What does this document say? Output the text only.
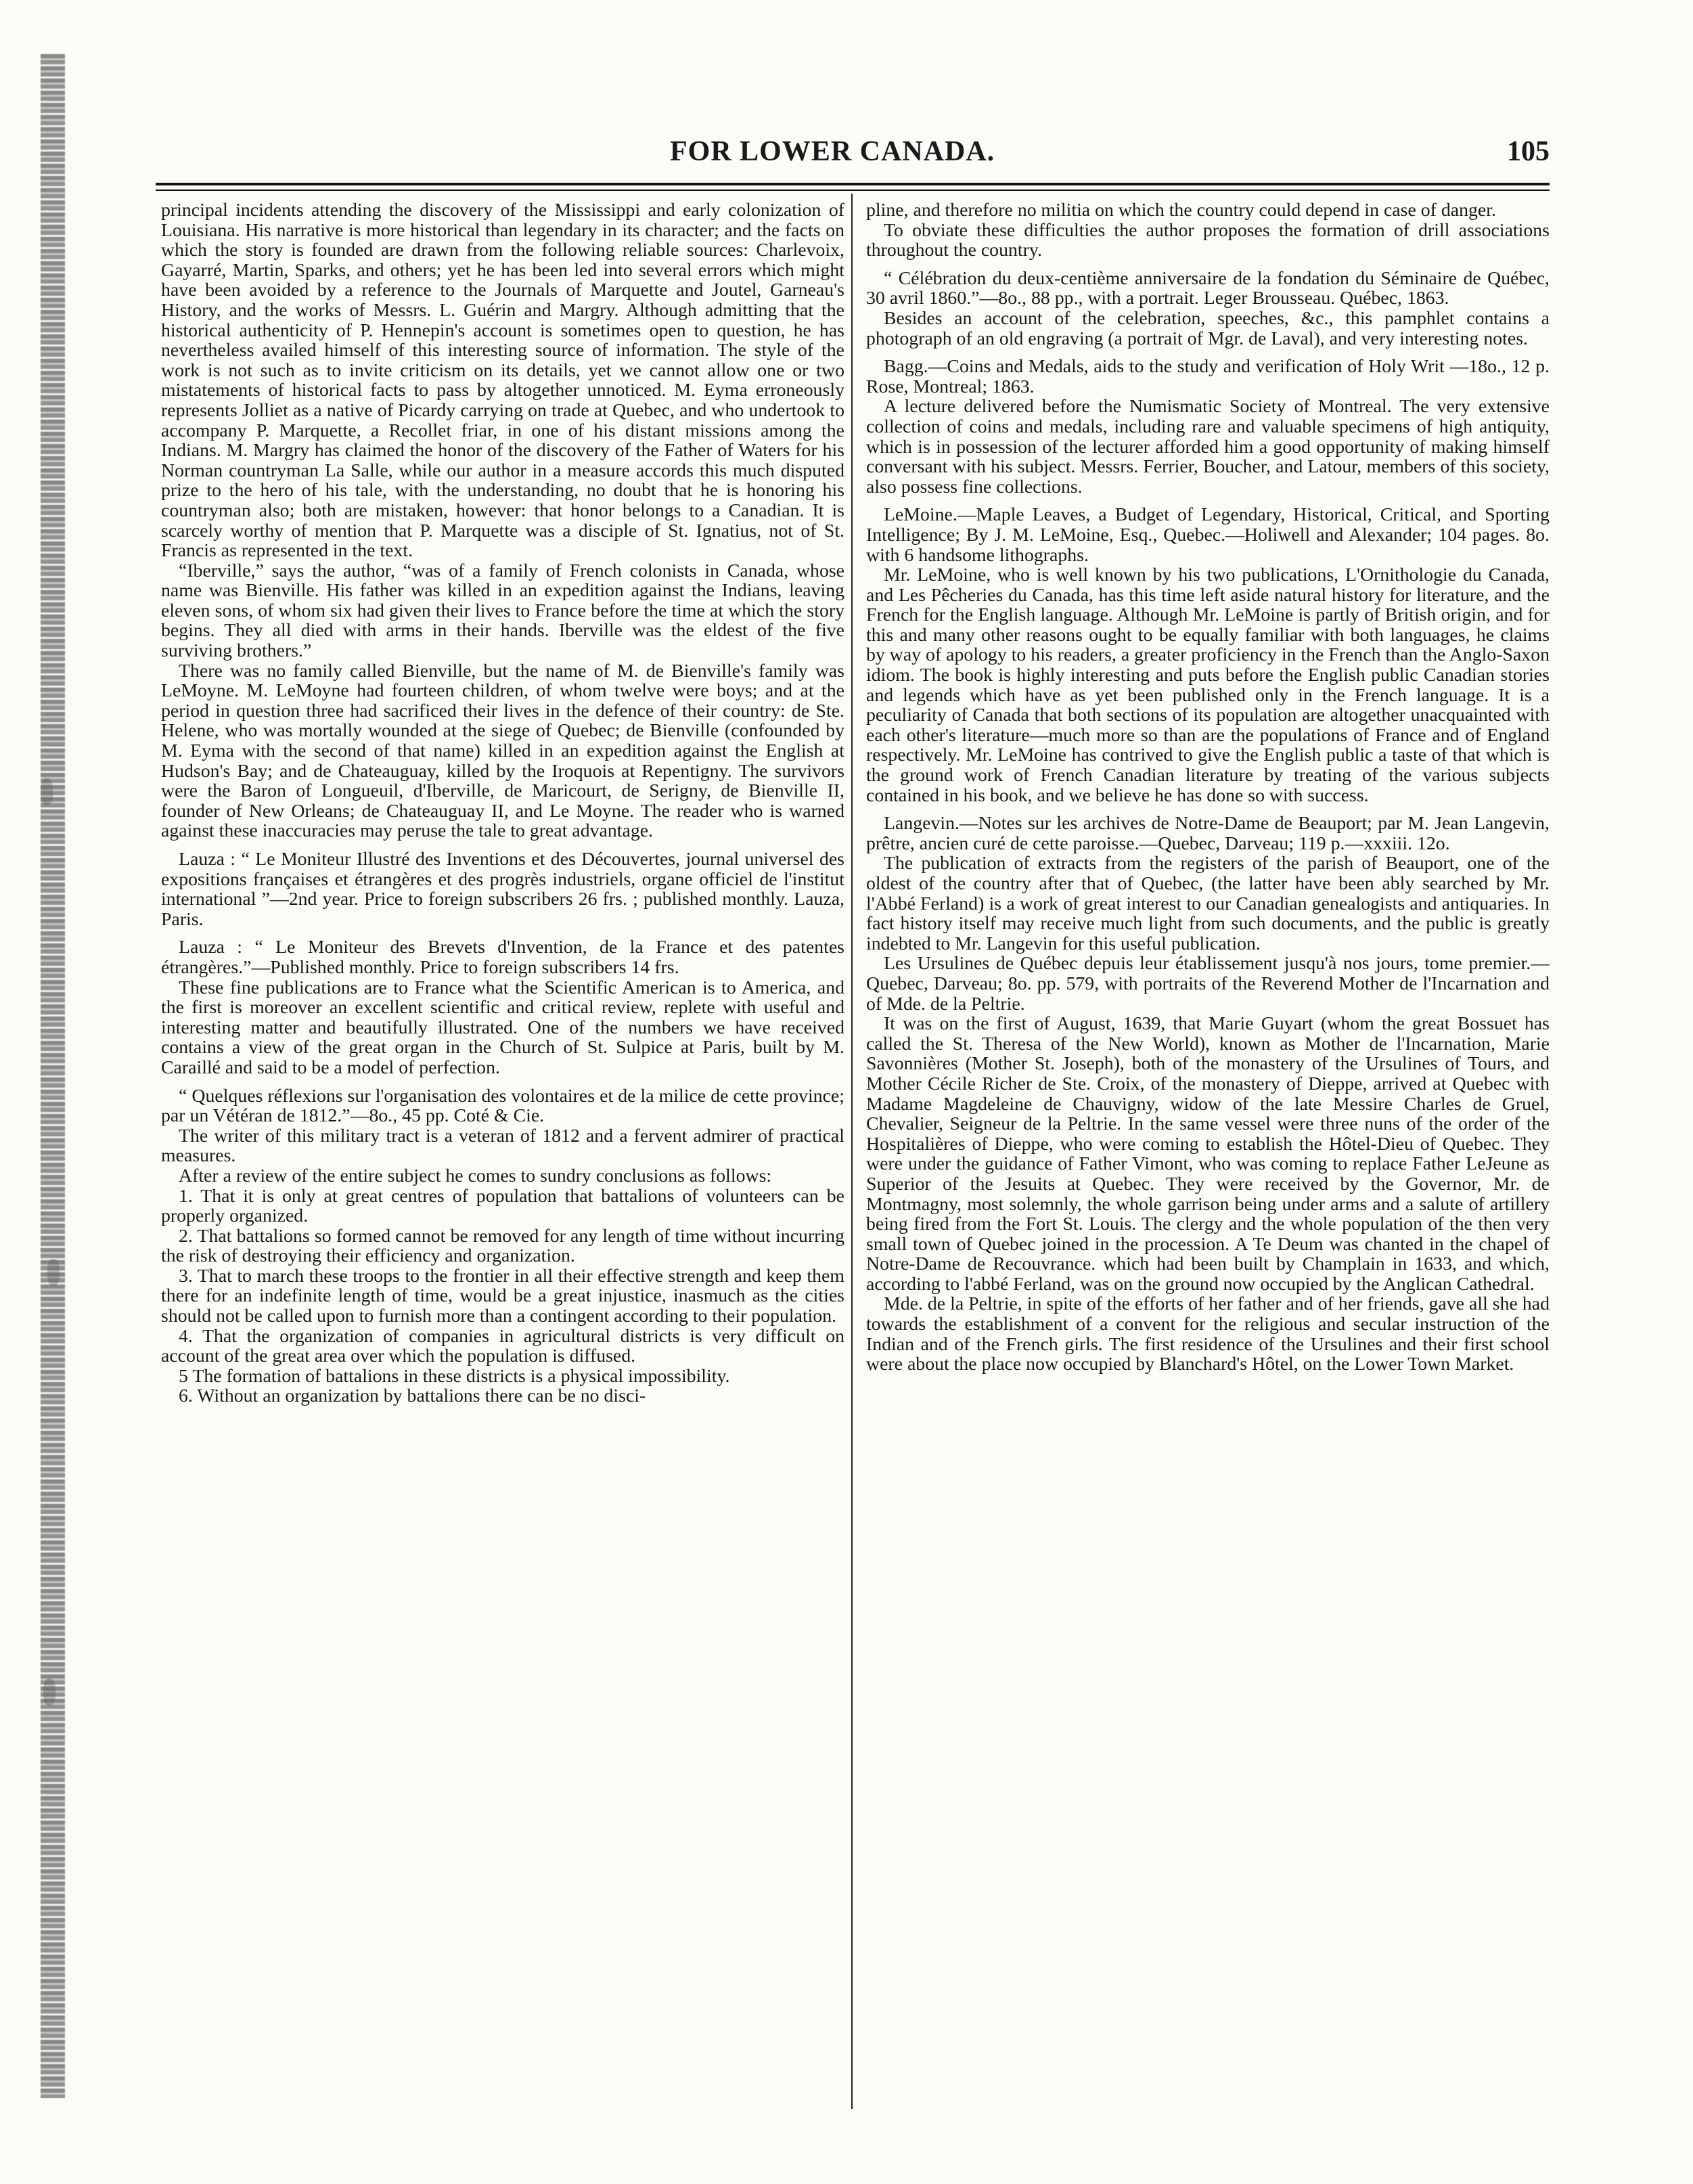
FOR LOWER CANADA.	105

principal incidents attending the discovery of the Mississippi and early colonization of Louisiana. His narrative is more historical than legendary in its character; and the facts on which the story is founded are drawn from the following reliable sources: Charlevoix, Gayarré, Martin, Sparks, and others; yet he has been led into several errors which might have been avoided by a reference to the Journals of Marquette and Joutel, Garneau's History, and the works of Messrs. L. Guérin and Margry. Although admitting that the historical authenticity of P. Hennepin's account is sometimes open to question, he has nevertheless availed himself of this interesting source of information. The style of the work is not such as to invite criticism on its details, yet we cannot allow one or two mistatements of historical facts to pass by altogether unnoticed. M. Eyma erroneously represents Jolliet as a native of Picardy carrying on trade at Quebec, and who undertook to accompany P. Marquette, a Recollet friar, in one of his distant missions among the Indians. M. Margry has claimed the honor of the discovery of the Father of Waters for his Norman countryman La Salle, while our author in a measure accords this much disputed prize to the hero of his tale, with the understanding, no doubt that he is honoring his countryman also; both are mistaken, however: that honor belongs to a Canadian. It is scarcely worthy of mention that P. Marquette was a disciple of St. Ignatius, not of St. Francis as represented in the text.

“Iberville,” says the author, “was of a family of French colonists in Canada, whose name was Bienville. His father was killed in an expedition against the Indians, leaving eleven sons, of whom six had given their lives to France before the time at which the story begins. They all died with arms in their hands. Iberville was the eldest of the five surviving brothers.”

There was no family called Bienville, but the name of M. de Bienville's family was LeMoyne. M. LeMoyne had fourteen children, of whom twelve were boys; and at the period in question three had sacrificed their lives in the defence of their country: de Ste. Helene, who was mortally wounded at the siege of Quebec; de Bienville (confounded by M. Eyma with the second of that name) killed in an expedition against the English at Hudson's Bay; and de Chateauguay, killed by the Iroquois at Repentigny. The survivors were the Baron of Longueuil, d'Iberville, de Maricourt, de Serigny, de Bienville II, founder of New Orleans; de Chateauguay II, and Le Moyne. The reader who is warned against these inaccuracies may peruse the tale to great advantage.

Lauza : “ Le Moniteur Illustré des Inventions et des Découvertes, journal universel des expositions françaises et étrangères et des progrès industriels, organe officiel de l'institut international ”—2nd year. Price to foreign subscribers 26 frs. ; published monthly. Lauza, Paris.

Lauza : “ Le Moniteur des Brevets d'Invention, de la France et des patentes étrangères.”—Published monthly. Price to foreign subscribers 14 frs.

These fine publications are to France what the Scientific American is to America, and the first is moreover an excellent scientific and critical review, replete with useful and interesting matter and beautifully illustrated. One of the numbers we have received contains a view of the great organ in the Church of St. Sulpice at Paris, built by M. Caraillé and said to be a model of perfection.

“ Quelques réflexions sur l'organisation des volontaires et de la milice de cette province; par un Vétéran de 1812.”—8o., 45 pp. Coté & Cie.

The writer of this military tract is a veteran of 1812 and a fervent admirer of practical measures.

After a review of the entire subject he comes to sundry conclusions as follows:

1. That it is only at great centres of population that battalions of volunteers can be properly organized.

2. That battalions so formed cannot be removed for any length of time without incurring the risk of destroying their efficiency and organization.

3. That to march these troops to the frontier in all their effective strength and keep them there for an indefinite length of time, would be a great injustice, inasmuch as the cities should not be called upon to furnish more than a contingent according to their population.

4. That the organization of companies in agricultural districts is very difficult on account of the great area over which the population is diffused.

5 The formation of battalions in these districts is a physical impossibility.

6. Without an organization by battalions there can be no disci-

pline, and therefore no militia on which the country could depend in case of danger.

To obviate these difficulties the author proposes the formation of drill associations throughout the country.

“ Célébration du deux-centième anniversaire de la fondation du Séminaire de Québec, 30 avril 1860.”—8o., 88 pp., with a portrait. Leger Brousseau. Québec, 1863.

Besides an account of the celebration, speeches, &c., this pamphlet contains a photograph of an old engraving (a portrait of Mgr. de Laval), and very interesting notes.

Bagg.—Coins and Medals, aids to the study and verification of Holy Writ —18o., 12 p. Rose, Montreal; 1863.

A lecture delivered before the Numismatic Society of Montreal. The very extensive collection of coins and medals, including rare and valuable specimens of high antiquity, which is in possession of the lecturer afforded him a good opportunity of making himself conversant with his subject. Messrs. Ferrier, Boucher, and Latour, members of this society, also possess fine collections.

LeMoine.—Maple Leaves, a Budget of Legendary, Historical, Critical, and Sporting Intelligence; By J. M. LeMoine, Esq., Quebec.—Holiwell and Alexander; 104 pages. 8o. with 6 handsome lithographs.

Mr. LeMoine, who is well known by his two publications, L'Ornithologie du Canada, and Les Pêcheries du Canada, has this time left aside natural history for literature, and the French for the English language. Although Mr. LeMoine is partly of British origin, and for this and many other reasons ought to be equally familiar with both languages, he claims by way of apology to his readers, a greater proficiency in the French than the Anglo-Saxon idiom. The book is highly interesting and puts before the English public Canadian stories and legends which have as yet been published only in the French language. It is a peculiarity of Canada that both sections of its population are altogether unacquainted with each other's literature—much more so than are the populations of France and of England respectively. Mr. LeMoine has contrived to give the English public a taste of that which is the ground work of French Canadian literature by treating of the various subjects contained in his book, and we believe he has done so with success.

Langevin.—Notes sur les archives de Notre-Dame de Beauport; par M. Jean Langevin, prêtre, ancien curé de cette paroisse.—Quebec, Darveau; 119 p.—xxxiii. 12o.

The publication of extracts from the registers of the parish of Beauport, one of the oldest of the country after that of Quebec, (the latter have been ably searched by Mr. l'Abbé Ferland) is a work of great interest to our Canadian genealogists and antiquaries. In fact history itself may receive much light from such documents, and the public is greatly indebted to Mr. Langevin for this useful publication.

Les Ursulines de Québec depuis leur établissement jusqu'à nos jours, tome premier.—Quebec, Darveau; 8o. pp. 579, with portraits of the Reverend Mother de l'Incarnation and of Mde. de la Peltrie.

It was on the first of August, 1639, that Marie Guyart (whom the great Bossuet has called the St. Theresa of the New World), known as Mother de l'Incarnation, Marie Savonnières (Mother St. Joseph), both of the monastery of the Ursulines of Tours, and Mother Cécile Richer de Ste. Croix, of the monastery of Dieppe, arrived at Quebec with Madame Magdeleine de Chauvigny, widow of the late Messire Charles de Gruel, Chevalier, Seigneur de la Peltrie. In the same vessel were three nuns of the order of the Hospitalières of Dieppe, who were coming to establish the Hôtel-Dieu of Quebec. They were under the guidance of Father Vimont, who was coming to replace Father LeJeune as Superior of the Jesuits at Quebec. They were received by the Governor, Mr. de Montmagny, most solemnly, the whole garrison being under arms and a salute of artillery being fired from the Fort St. Louis. The clergy and the whole population of the then very small town of Quebec joined in the procession. A Te Deum was chanted in the chapel of Notre-Dame de Recouvrance. which had been built by Champlain in 1633, and which, according to l'abbé Ferland, was on the ground now occupied by the Anglican Cathedral.

Mde. de la Peltrie, in spite of the efforts of her father and of her friends, gave all she had towards the establishment of a convent for the religious and secular instruction of the Indian and of the French girls. The first residence of the Ursulines and their first school were about the place now occupied by Blanchard's Hôtel, on the Lower Town Market.
